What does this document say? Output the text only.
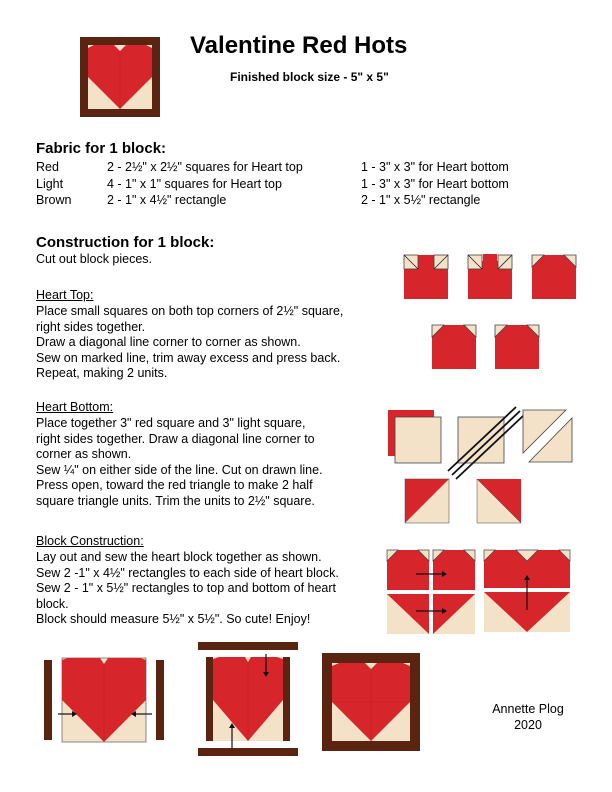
Valentine Red Hots
Finished block size - 5" x 5"
Fabric for 1 block:
Red	2 - 2½" x 2½" squares for Heart top	1 - 3" x 3" for Heart bottom
Light	4 - 1" x 1" squares for Heart top	1 - 3" x 3" for Heart bottom
Brown	2 - 1" x 4½" rectangle	2 - 1" x 5½" rectangle
Construction for 1 block:
Cut out block pieces.
Heart Top:
Place small squares on both top corners of 2½" square,
right sides together.
Draw a diagonal line corner to corner as shown.
Sew on marked line, trim away excess and press back.
Repeat, making 2 units.
Heart Bottom:
Place together 3" red square and 3" light square,
right sides together. Draw a diagonal line corner to
corner as shown.
Sew ¼" on either side of the line. Cut on drawn line.
Press open, toward the red triangle to make 2 half
square triangle units. Trim the units to 2½" square.
Block Construction:
Lay out and sew the heart block together as shown.
Sew 2 -1" x 4½" rectangles to each side of heart block.
Sew 2 - 1" x 5½" rectangles to top and bottom of heart
block.
Block should measure 5½" x 5½". So cute! Enjoy!
Annette Plog
2020
